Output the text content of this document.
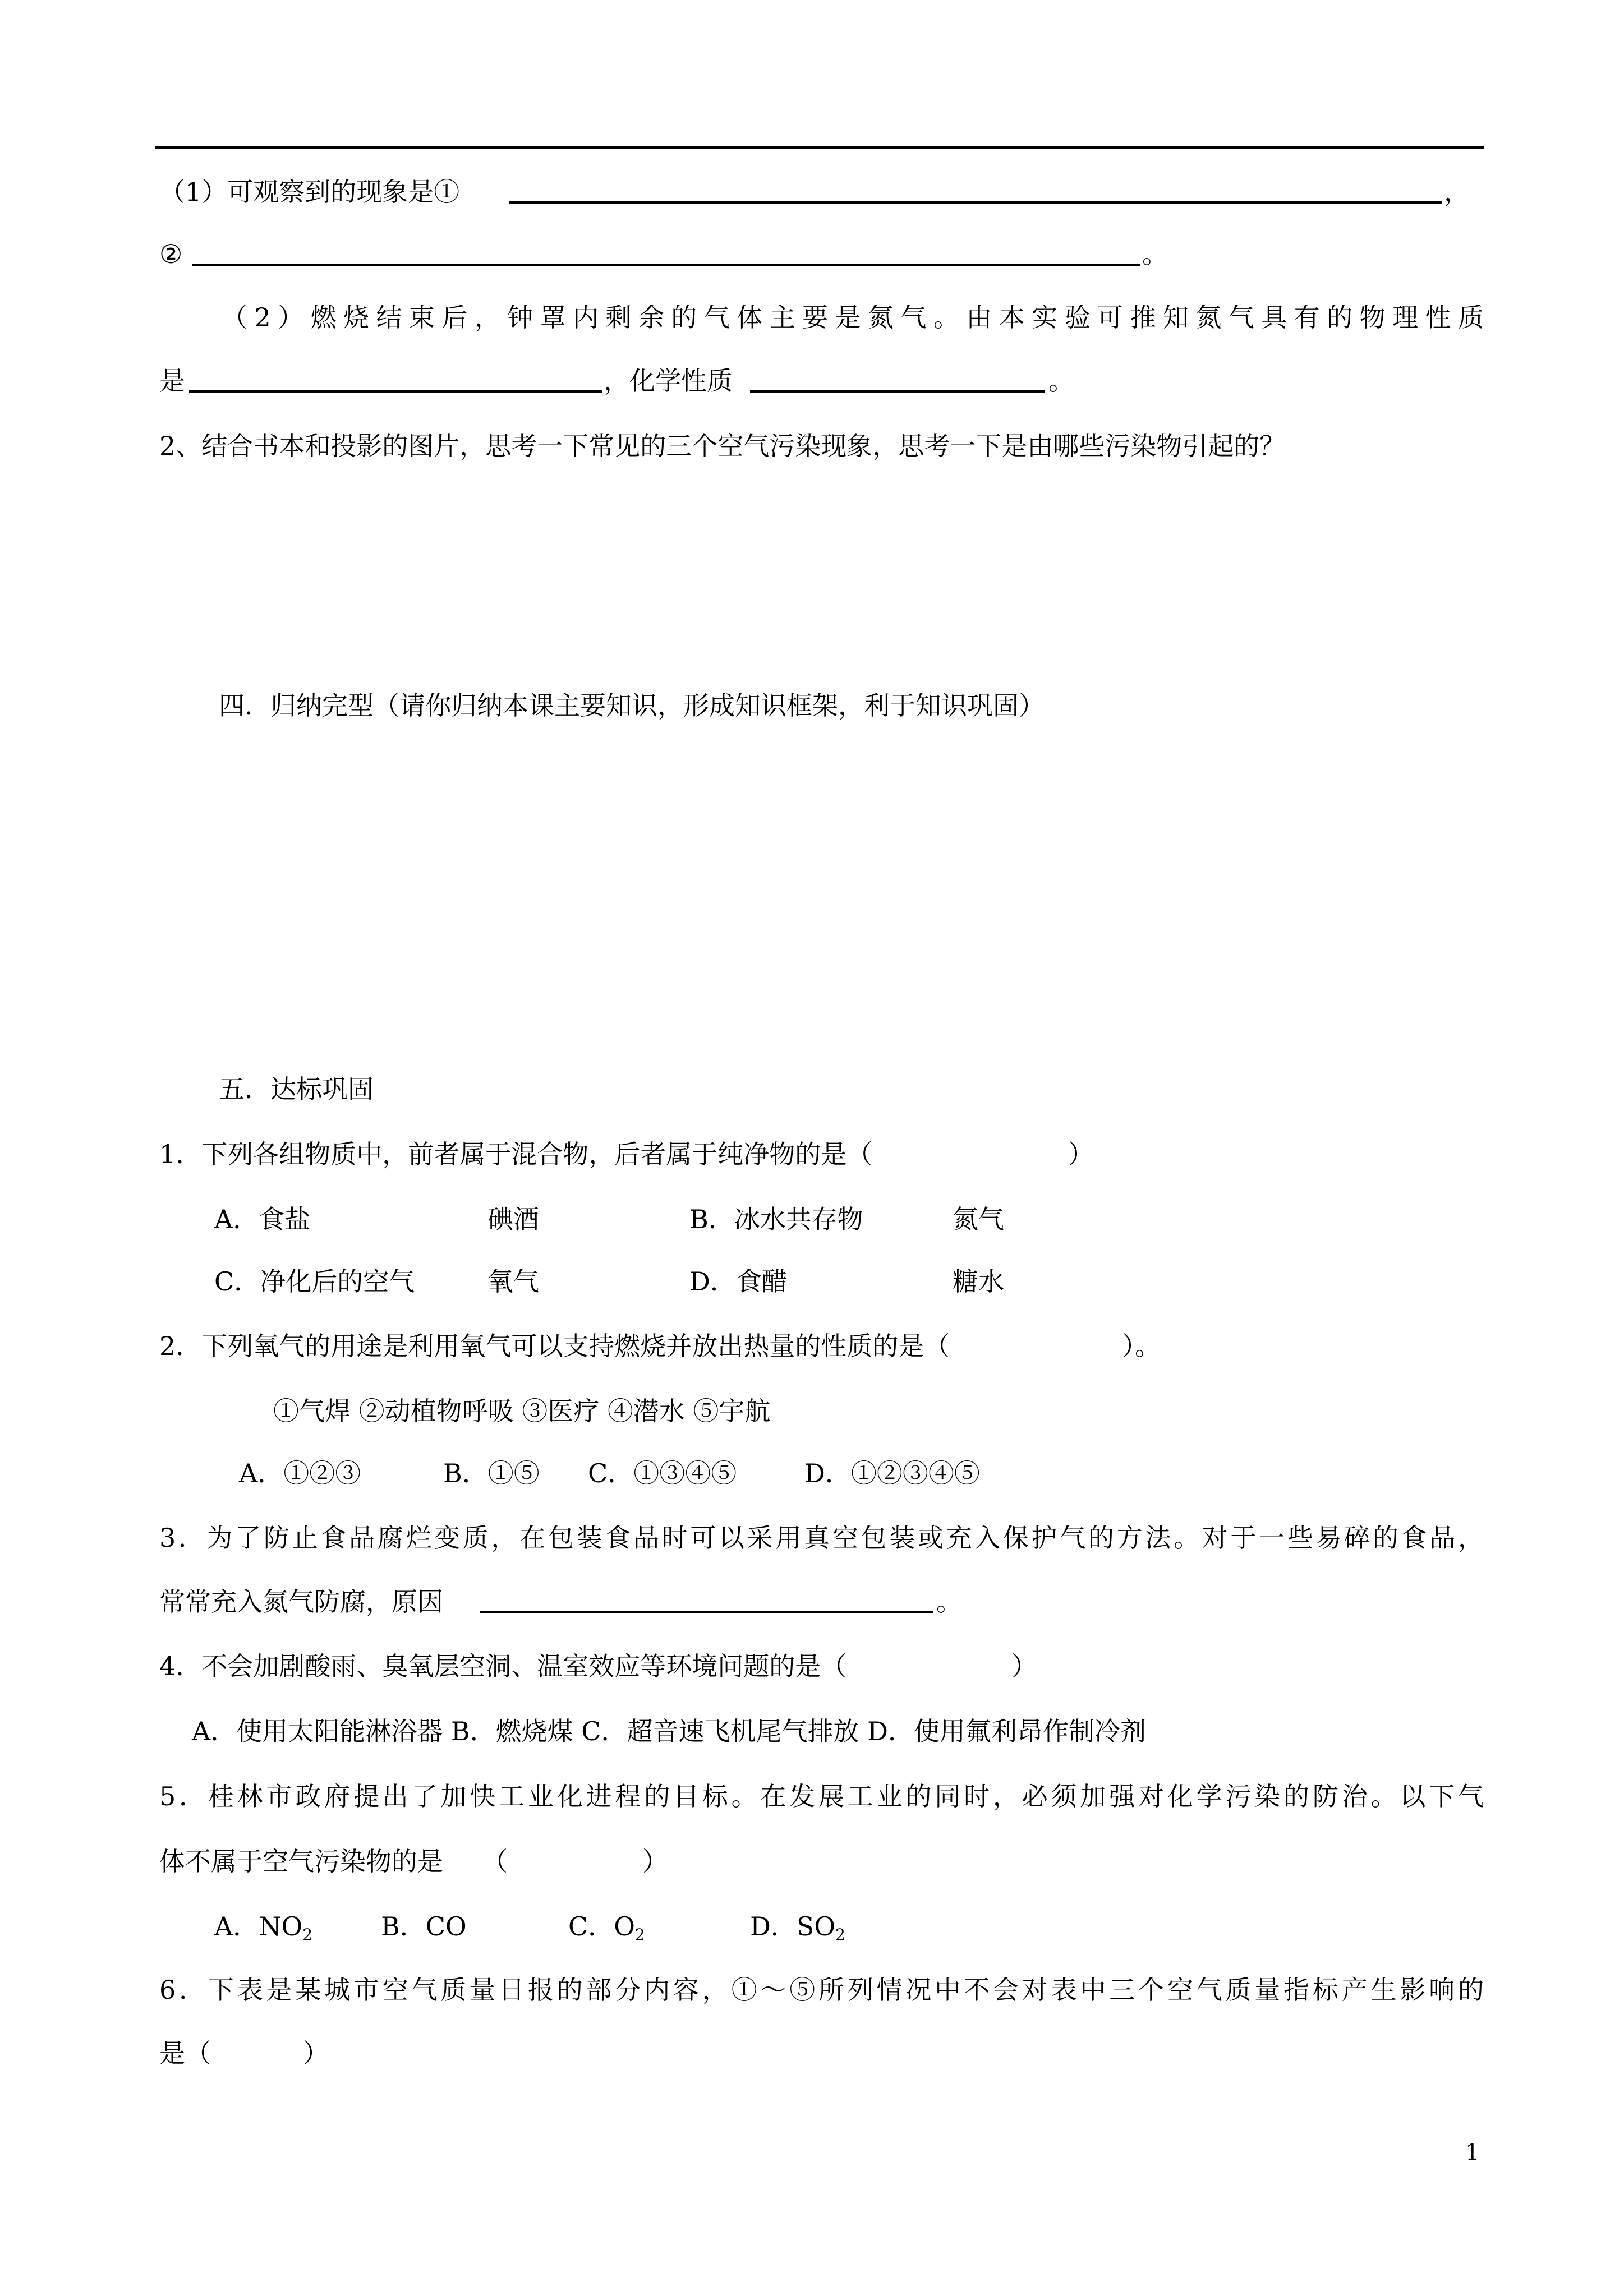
（1）可观察到的现象是①	，
②	。
（2）燃烧结束后，钟罩内剩余的气体主要是氮气。由本实验可推知氮气具有的物理性质
是	，化学性质	。
2、结合书本和投影的图片，思考一下常见的三个空气污染现象，思考一下是由哪些污染物引起的？
四．归纳完型（请你归纳本课主要知识，形成知识框架，利于知识巩固）
五．达标巩固
1．下列各组物质中，前者属于混合物，后者属于纯净物的是（	）
A．食盐	碘酒	B．冰水共存物	氮气
C．净化后的空气	氧气	D．食醋	糖水
2．下列氧气的用途是利用氧气可以支持燃烧并放出热量的性质的是（	）。
①气焊 ②动植物呼吸 ③医疗 ④潜水 ⑤宇航
A．①②③	B．①⑤ C．①③④⑤	D．①②③④⑤
3．为了防止食品腐烂变质，在包装食品时可以采用真空包装或充入保护气的方法。对于一些易碎的食品，
常常充入氮气防腐，原因	。
4．不会加剧酸雨、臭氧层空洞、温室效应等环境问题的是（	）
A．使用太阳能淋浴器 B．燃烧煤 C．超音速飞机尾气排放 D．使用氟利昂作制冷剂
5．桂林市政府提出了加快工业化进程的目标。在发展工业的同时，必须加强对化学污染的防治。以下气
体不属于空气污染物的是　　（	）
A．$NO_2$	B．CO	C．$O_2$	D．$SO_2$
6．下表是某城市空气质量日报的部分内容，①～⑤所列情况中不会对表中三个空气质量指标产生影响的
是（	）
1
